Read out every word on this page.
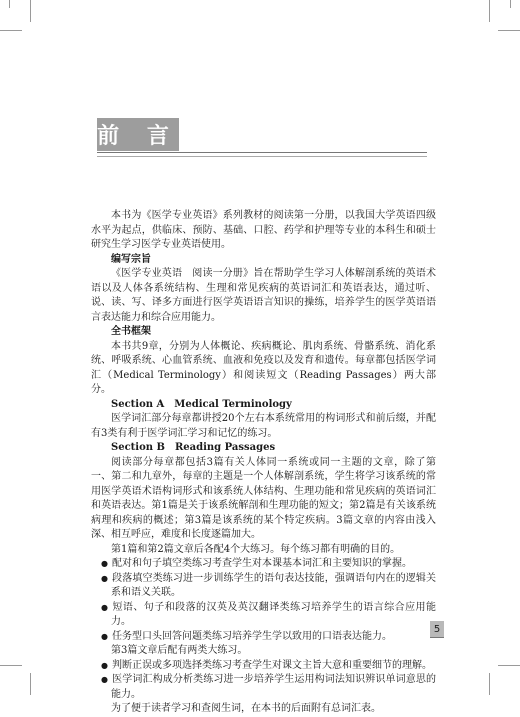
前 言

本书为《医学专业英语》系列教材的阅读第一分册，以我国大学英语四级水平为起点，供临床、预防、基础、口腔、药学和护理等专业的本科生和硕士研究生学习医学专业英语使用。

编写宗旨

《医学专业英语　阅读一分册》旨在帮助学生学习人体解剖系统的英语术语以及人体各系统结构、生理和常见疾病的英语词汇和英语表达，通过听、说、读、写、译多方面进行医学英语语言知识的操练，培养学生的医学英语语言表达能力和综合应用能力。

全书框架

本书共9章，分别为人体概论、疾病概论、肌肉系统、骨骼系统、消化系统、呼吸系统、心血管系统、血液和免疫以及发育和遗传。每章都包括医学词汇（Medical Terminology）和阅读短文（Reading Passages）两大部分。

Section A　Medical Terminology

医学词汇部分每章都讲授20个左右本系统常用的构词形式和前后缀，并配有3类有利于医学词汇学习和记忆的练习。

Section B　Reading Passages

阅读部分每章都包括3篇有关人体同一系统或同一主题的文章，除了第一、第二和九章外，每章的主题是一个人体解剖系统，学生将学习该系统的常用医学英语术语构词形式和该系统人体结构、生理功能和常见疾病的英语词汇和英语表达。第1篇是关于该系统解剖和生理功能的短文；第2篇是有关该系统病理和疾病的概述；第3篇是该系统的某个特定疾病。3篇文章的内容由浅入深、相互呼应，难度和长度逐篇加大。

第1篇和第2篇文章后各配4个大练习。每个练习都有明确的目的。

● 配对和句子填空类练习考查学生对本课基本词汇和主要知识的掌握。

● 段落填空类练习进一步训练学生的语句表达技能，强调语句内在的逻辑关系和语义关联。

● 短语、句子和段落的汉英及英汉翻译类练习培养学生的语言综合应用能力。

● 任务型口头回答问题类练习培养学生学以致用的口语表达能力。

第3篇文章后配有两类大练习。

● 判断正误或多项选择类练习考查学生对课文主旨大意和重要细节的理解。

● 医学词汇构成分析类练习进一步培养学生运用构词法知识辨识单词意思的能力。

为了便于读者学习和查阅生词，在本书的后面附有总词汇表。

5
